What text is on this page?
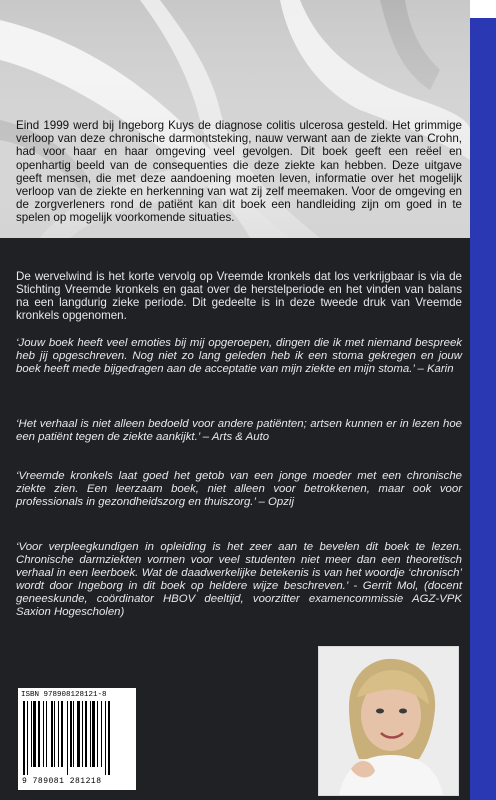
Eind 1999 werd bij Ingeborg Kuys de diagnose colitis ulcerosa gesteld. Het grimmige verloop van deze chronische darmontsteking, nauw verwant aan de ziekte van Crohn, had voor haar en haar omgeving veel gevolgen. Dit boek geeft een reëel en openhartig beeld van de consequenties die deze ziekte kan hebben. Deze uitgave geeft mensen, die met deze aandoening moeten leven, informatie over het mogelijk verloop van de ziekte en herkenning van wat zij zelf meemaken. Voor de omgeving en de zorgverleners rond de patiënt kan dit boek een handleiding zijn om goed in te spelen op mogelijk voorkomende situaties.
De wervelwind is het korte vervolg op Vreemde kronkels dat los verkrijgbaar is via de Stichting Vreemde kronkels en gaat over de herstelperiode en het vinden van balans na een langdurig zieke periode. Dit gedeelte is in deze tweede druk van Vreemde kronkels opgenomen.
‘Jouw boek heeft veel emoties bij mij opgeroepen, dingen die ik met niemand bespreek heb jij opgeschreven. Nog niet zo lang geleden heb ik een stoma gekregen en jouw boek heeft mede bijgedragen aan de acceptatie van mijn ziekte en mijn stoma.’ – Karin
‘Het verhaal is niet alleen bedoeld voor andere patiënten; artsen kunnen er in lezen hoe een patiënt tegen de ziekte aankijkt.’ – Arts & Auto
‘Vreemde kronkels laat goed het getob van een jonge moeder met een chronische ziekte zien. Een leerzaam boek, niet alleen voor betrokkenen, maar ook voor professionals in gezondheidszorg en thuiszorg.’ – Opzij
‘Voor verpleegkundigen in opleiding is het zeer aan te bevelen dit boek te lezen. Chronische darmziekten vormen voor veel studenten niet meer dan een theoretisch verhaal in een leerboek. Wat de daadwerkelijke betekenis is van het woordje ‘chronisch’ wordt door Ingeborg in dit boek op heldere wijze beschreven.’ - Gerrit Mol, (docent geneeskunde, coördinator HBOV deeltijd, voorzitter examencommissie AGZ-VPK Saxion Hogescholen)
ISBN 978908128121-8
9 789081 281218
